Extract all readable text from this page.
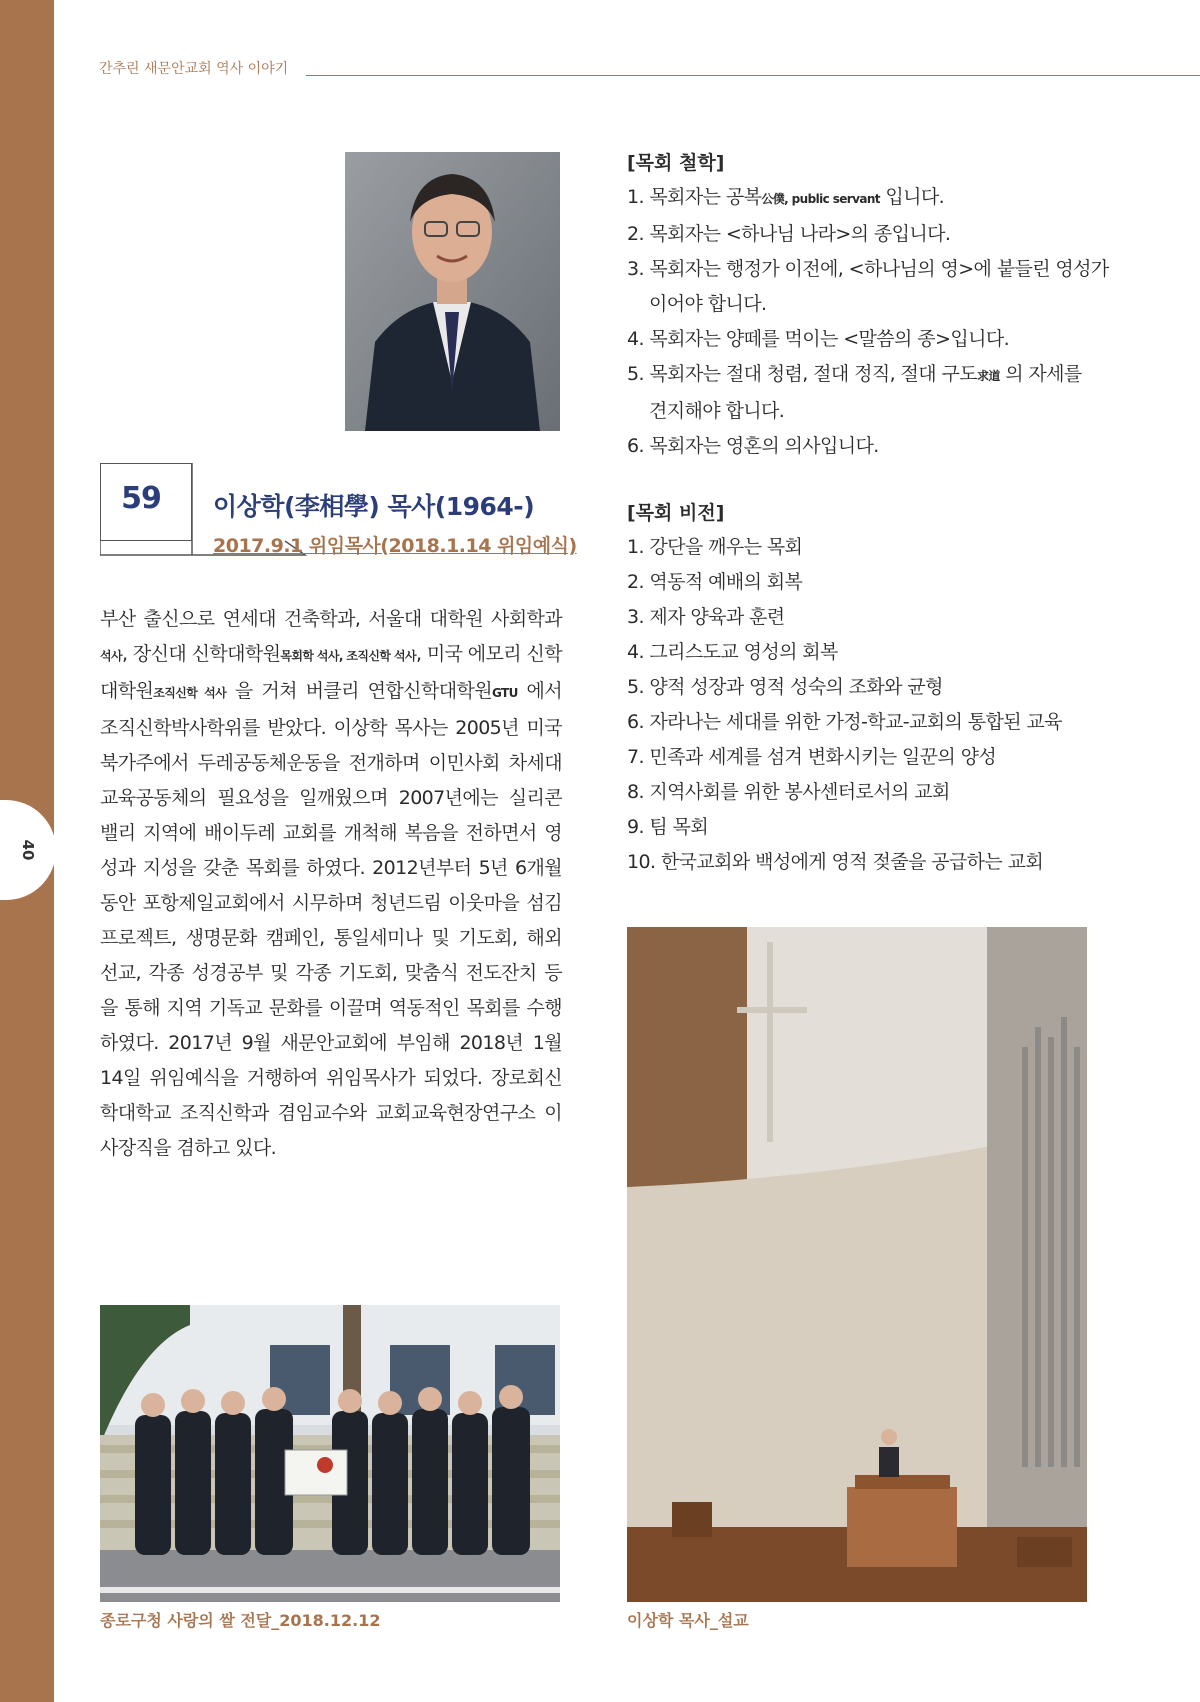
40
간추린 새문안교회 역사 이야기
59	이상학(李相學) 목사(1964-)
2017.9.1 위임목사(2018.1.14 위임예식)
부산 출신으로 연세대 건축학과, 서울대 대학원 사회학과 석사, 장신대 신학대학원목회학 석사, 조직신학 석사, 미국 에모리 신학대학원조직신학 석사 을 거쳐 버클리 연합신학대학원GTU 에서 조직신학박사학위를 받았다. 이상학 목사는 2005년 미국 북가주에서 두레공동체운동을 전개하며 이민사회 차세대 교육공동체의 필요성을 일깨웠으며 2007년에는 실리콘 밸리 지역에 배이두레 교회를 개척해 복음을 전하면서 영성과 지성을 갖춘 목회를 하였다. 2012년부터 5년 6개월 동안 포항제일교회에서 시무하며 청년드림 이웃마을 섬김 프로젝트, 생명문화 캠페인, 통일세미나 및 기도회, 해외 선교, 각종 성경공부 및 각종 기도회, 맞춤식 전도잔치 등을 통해 지역 기독교 문화를 이끌며 역동적인 목회를 수행하였다. 2017년 9월 새문안교회에 부임해 2018년 1월 14일 위임예식을 거행하여 위임목사가 되었다. 장로회신학대학교 조직신학과 겸임교수와 교회교육현장연구소 이사장직을 겸하고 있다.
[목회 철학]
1. 목회자는 공복公僕, public servant 입니다.
2. 목회자는 <하나님 나라>의 종입니다.
3. 목회자는 행정가 이전에, <하나님의 영>에 붙들린 영성가
이어야 합니다.
4. 목회자는 양떼를 먹이는 <말씀의 종>입니다.
5. 목회자는 절대 청렴, 절대 정직, 절대 구도求道 의 자세를
견지해야 합니다.
6. 목회자는 영혼의 의사입니다.
[목회 비전]
1. 강단을 깨우는 목회
2. 역동적 예배의 회복
3. 제자 양육과 훈련
4. 그리스도교 영성의 회복
5. 양적 성장과 영적 성숙의 조화와 균형
6. 자라나는 세대를 위한 가정-학교-교회의 통합된 교육
7. 민족과 세계를 섬겨 변화시키는 일꾼의 양성
8. 지역사회를 위한 봉사센터로서의 교회
9. 팀 목회
10. 한국교회와 백성에게 영적 젖줄을 공급하는 교회
종로구청 사랑의 쌀 전달_2018.12.12	이상학 목사_설교
